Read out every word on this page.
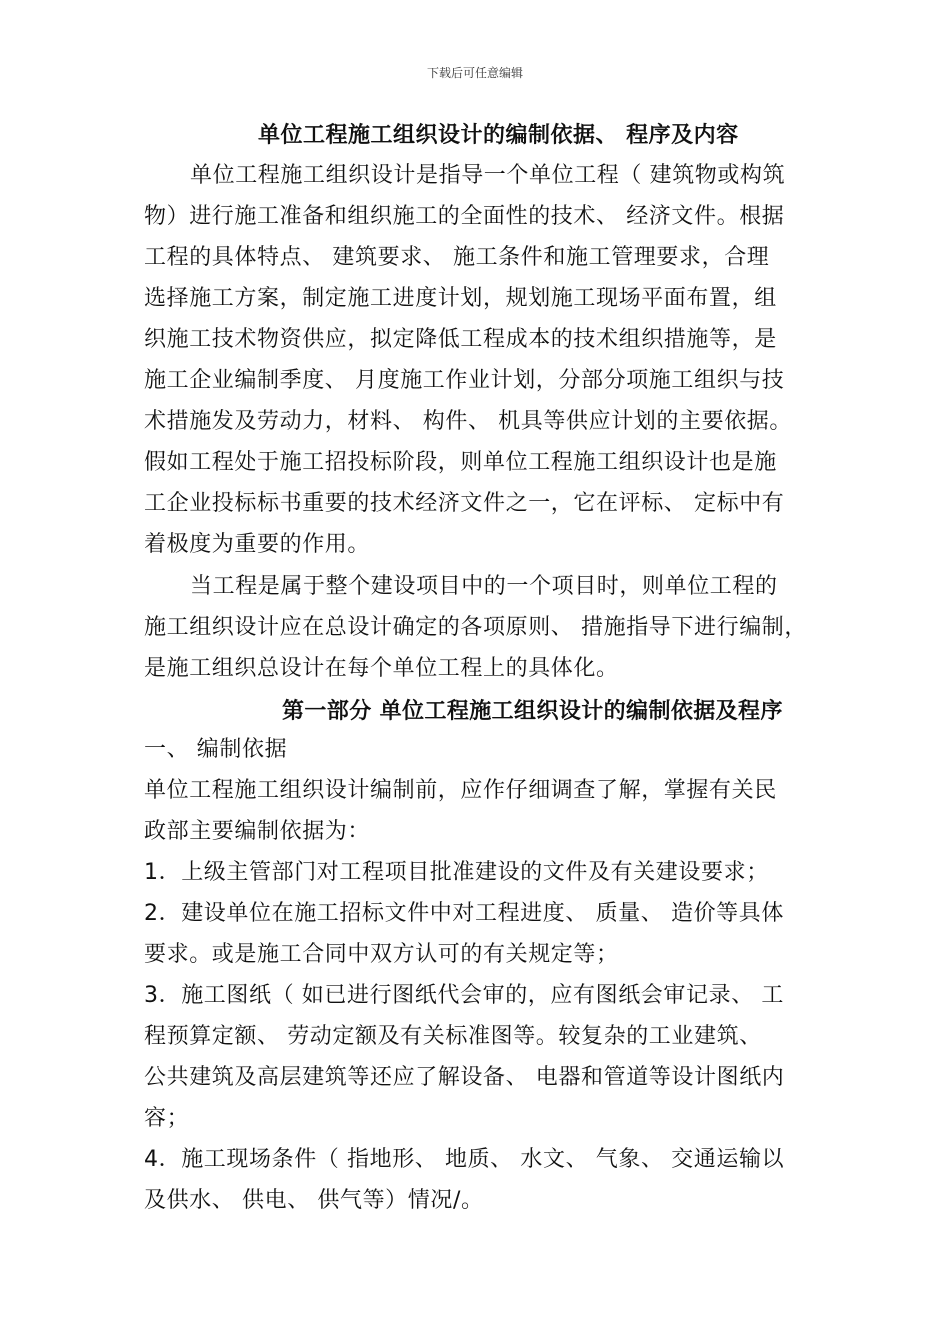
下载后可任意编辑
单位工程施工组织设计的编制依据、 程序及内容
单位工程施工组织设计是指导一个单位工程（ 建筑物或构筑
物）进行施工准备和组织施工的全面性的技术、 经济文件。根据
工程的具体特点、 建筑要求、 施工条件和施工管理要求，合理
选择施工方案，制定施工进度计划，规划施工现场平面布置，组
织施工技术物资供应，拟定降低工程成本的技术组织措施等，是
施工企业编制季度、 月度施工作业计划，分部分项施工组织与技
术措施发及劳动力，材料、 构件、 机具等供应计划的主要依据。
假如工程处于施工招投标阶段，则单位工程施工组织设计也是施
工企业投标标书重要的技术经济文件之一，它在评标、 定标中有
着极度为重要的作用。
当工程是属于整个建设项目中的一个项目时，则单位工程的
施工组织设计应在总设计确定的各项原则、 措施指导下进行编制，
是施工组织总设计在每个单位工程上的具体化。
第一部分 单位工程施工组织设计的编制依据及程序
一、 编制依据
单位工程施工组织设计编制前，应作仔细调查了解，掌握有关民
政部主要编制依据为：
1．上级主管部门对工程项目批准建设的文件及有关建设要求；
2．建设单位在施工招标文件中对工程进度、 质量、 造价等具体
要求。或是施工合同中双方认可的有关规定等；
3．施工图纸（ 如已进行图纸代会审的，应有图纸会审记录、 工
程预算定额、 劳动定额及有关标准图等。较复杂的工业建筑、
公共建筑及高层建筑等还应了解设备、 电器和管道等设计图纸内
容；
4．施工现场条件（ 指地形、 地质、 水文、 气象、 交通运输以
及供水、 供电、 供气等）情况/。
